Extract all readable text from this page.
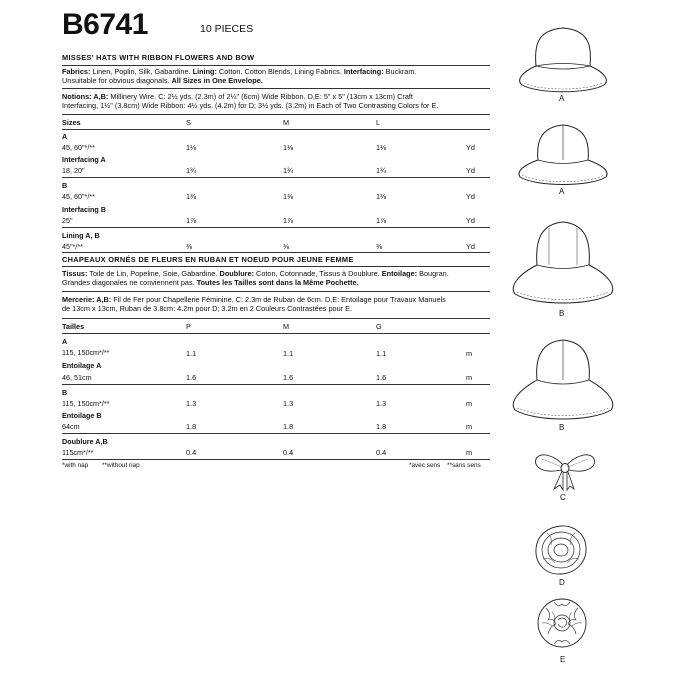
B6741	10 PIECES
MISSES' HATS WITH RIBBON FLOWERS AND BOW
Fabrics: Linen, Poplin, Silk, Gabardine. Lining: Cotton, Cotton Blends, Lining Fabrics. Interfacing: Buckram.
Unsuitable for obvious diagonals. All Sizes in One Envelope.
Notions: A,B: Millinery Wire. C: 2½ yds. (2.3m) of 2¼" (6cm) Wide Ribbon. D,E: 5" x 5" (13cm x 13cm) Craft
Interfacing, 1½" (3.8cm) Wide Ribbon: 4½ yds. (4.2m) for D; 3½ yds. (3.2m) in Each of Two Contrasting Colors for E.
Sizes	S	M	L
A
45, 60"*/**	1⅛	1⅛	1⅛	Yd
Interfacing A
18, 20"	1¾	1¾	1¾	Yd
B
45, 60"*/**	1⅜	1⅜	1⅜	Yd
Interfacing B
25"	1⅞	1⅞	1⅞	Yd
Lining A, B
45"*/**	⅜	⅜	⅜	Yd
CHAPEAUX ORNÉS DE FLEURS EN RUBAN ET NOEUD POUR JEUNE FEMME
Tissus: Toile de Lin, Popeline, Soie, Gabardine. Doublure: Coton, Cotonnade, Tissus à Doublure. Entoilage: Bougran.
Grandes diagonales ne conviennent pas. Toutes les Tailles sont dans la Même Pochette.
Mercerie: A,B: Fil de Fer pour Chapellerie Féminine. C: 2.3m de Ruban de 6cm. D,E: Entoilage pour Travaux Manuels
de 13cm x 13cm, Ruban de 3.8cm: 4.2m pour D; 3.2m en 2 Couleurs Contrastées pour E.
Tailles	P	M	G
A
115, 150cm*/**	1.1	1.1	1.1	m
Entoilage A
46, 51cm	1.6	1.6	1.6	m
B
115, 150cm*/**	1.3	1.3	1.3	m
Entoilage B
64cm	1.8	1.8	1.8	m
Doublure A,B
115cm*/**	0.4	0.4	0.4	m
*with nap **without nap	*avec sens **sans sens
A
A
B
B
C
D
E
